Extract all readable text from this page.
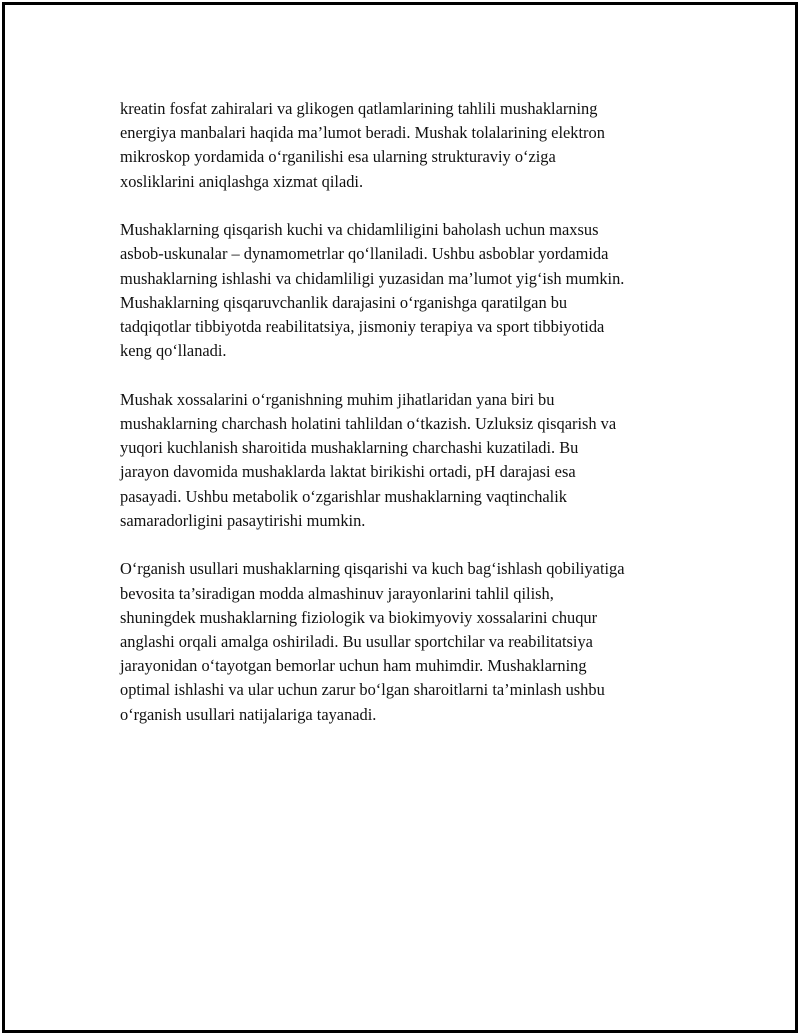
kreatin fosfat zahiralari va glikogen qatlamlarining tahlili mushaklarning
energiya manbalari haqida ma’lumot beradi. Mushak tolalarining elektron
mikroskop yordamida oʻrganilishi esa ularning strukturaviy oʻziga
xosliklarini aniqlashga xizmat qiladi.

Mushaklarning qisqarish kuchi va chidamliligini baholash uchun maxsus
asbob-uskunalar – dynamometrlar qoʻllaniladi. Ushbu asboblar yordamida
mushaklarning ishlashi va chidamliligi yuzasidan ma’lumot yigʻish mumkin.
Mushaklarning qisqaruvchanlik darajasini oʻrganishga qaratilgan bu
tadqiqotlar tibbiyotda reabilitatsiya, jismoniy terapiya va sport tibbiyotida
keng qoʻllanadi.

Mushak xossalarini oʻrganishning muhim jihatlaridan yana biri bu
mushaklarning charchash holatini tahlildan oʻtkazish. Uzluksiz qisqarish va
yuqori kuchlanish sharoitida mushaklarning charchashi kuzatiladi. Bu
jarayon davomida mushaklarda laktat birikishi ortadi, pH darajasi esa
pasayadi. Ushbu metabolik oʻzgarishlar mushaklarning vaqtinchalik
samaradorligini pasaytirishi mumkin.

Oʻrganish usullari mushaklarning qisqarishi va kuch bagʻishlash qobiliyatiga
bevosita ta’siradigan modda almashinuv jarayonlarini tahlil qilish,
shuningdek mushaklarning fiziologik va biokimyoviy xossalarini chuqur
anglashi orqali amalga oshiriladi. Bu usullar sportchilar va reabilitatsiya
jarayonidan oʻtayotgan bemorlar uchun ham muhimdir. Mushaklarning
optimal ishlashi va ular uchun zarur boʻlgan sharoitlarni ta’minlash ushbu
oʻrganish usullari natijalariga tayanadi.
